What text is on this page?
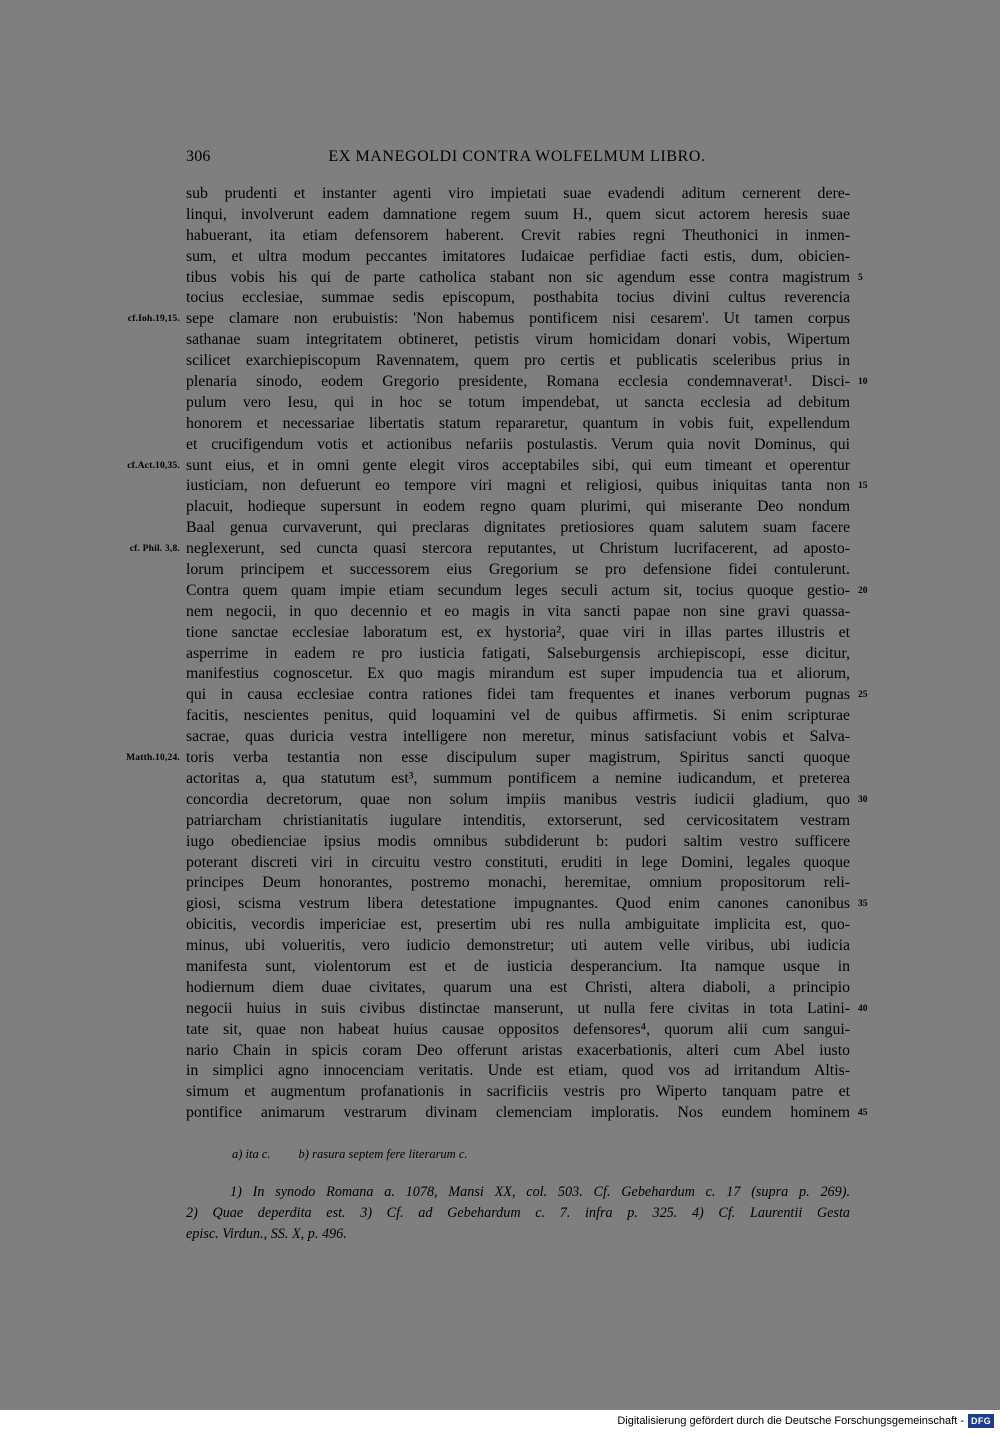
306	EX MANEGOLDI CONTRA WOLFELMUM LIBRO.
sub prudenti et instanter agenti viro impietati suae evadendi aditum cernerent dere-
linqui, involverunt eadem damnatione regem suum H., quem sicut actorem heresis suae
habuerant, ita etiam defensorem haberent. Crevit rabies regni Theuthonici in inmen-
sum, et ultra modum peccantes imitatores Iudaicae perfidiae facti estis, dum, obicien-
tibus vobis his qui de parte catholica stabant non sic agendum esse contra magistrum 5
tocius ecclesiae, summae sedis episcopum, posthabita tocius divini cultus reverencia
sepe clamare non erubuistis: 'Non habemus pontificem nisi cesarem'. Ut tamen corpus
cf.Ioh.19,15.
sathanae suam integritatem obtineret, petistis virum homicidam donari vobis, Wipertum
scilicet exarchiepiscopum Ravennatem, quem pro certis et publicatis sceleribus prius in
plenaria sinodo, eodem Gregorio presidente, Romana ecclesia condemnaverat¹. Disci- 10
pulum vero Iesu, qui in hoc se totum impendebat, ut sancta ecclesia ad debitum
honorem et necessariae libertatis statum repararetur, quantum in vobis fuit, expellendum
et crucifigendum votis et actionibus nefariis postulastis. Verum quia novit Dominus, qui
sunt eius, et in omni gente elegit viros acceptabiles sibi, qui eum timeant et operentur
cf.Act.10,35.
iusticiam, non defuerunt eo tempore viri magni et religiosi, quibus iniquitas tanta non 15
placuit, hodieque supersunt in eodem regno quam plurimi, qui miserante Deo nondum
Baal genua curvaverunt, qui preclaras dignitates pretiosiores quam salutem suam facere
neglexerunt, sed cuncta quasi stercora reputantes, ut Christum lucrifacerent, ad aposto-
cf. Phil. 3,8.
lorum principem et successorem eius Gregorium se pro defensione fidei contulerunt.
Contra quem quam impie etiam secundum leges seculi actum sit, tocius quoque gestio- 20
nem negocii, in quo decennio et eo magis in vita sancti papae non sine gravi quassa-
tione sanctae ecclesiae laboratum est, ex hystoria², quae viri in illas partes illustris et
asperrime in eadem re pro iusticia fatigati, Salseburgensis archiepiscopi, esse dicitur,
manifestius cognoscetur. Ex quo magis mirandum est super impudencia tua et aliorum,
qui in causa ecclesiae contra rationes fidei tam frequentes et inanes verborum pugnas 25
facitis, nescientes penitus, quid loquamini vel de quibus affirmetis. Si enim scripturae
sacrae, quas duricia vestra intelligere non meretur, minus satisfaciunt vobis et Salva-
toris verba testantia non esse discipulum super magistrum, Spiritus sancti quoque
Matth.10,24.
actoritas a, qua statutum est³, summum pontificem a nemine iudicandum, et preterea
concordia decretorum, quae non solum impiis manibus vestris iudicii gladium, quo 30
patriarcham christianitatis iugulare intenditis, extorserunt, sed cervicositatem vestram
iugo obedienciae ipsius modis omnibus subdiderunt b: pudori saltim vestro sufficere
poterant discreti viri in circuitu vestro constituti, eruditi in lege Domini, legales quoque
principes Deum honorantes, postremo monachi, heremitae, omnium propositorum reli-
giosi, scisma vestrum libera detestatione impugnantes. Quod enim canones canonibus 35
obicitis, vecordis impericiae est, presertim ubi res nulla ambiguitate implicita est, quo-
minus, ubi volueritis, vero iudicio demonstretur; uti autem velle viribus, ubi iudicia
manifesta sunt, violentorum est et de iusticia desperancium. Ita namque usque in
hodiernum diem duae civitates, quarum una est Christi, altera diaboli, a principio
negocii huius in suis civibus distinctae manserunt, ut nulla fere civitas in tota Latini- 40
tate sit, quae non habeat huius causae oppositos defensores⁴, quorum alii cum sangui-
nario Chain in spicis coram Deo offerunt aristas exacerbationis, alteri cum Abel iusto
in simplici agno innocenciam veritatis. Unde est etiam, quod vos ad irritandum Altis-
simum et augmentum profanationis in sacrificiis vestris pro Wiperto tanquam patre et
pontifice animarum vestrarum divinam clemenciam imploratis. Nos eundem hominem 45
a) ita c. b) rasura septem fere literarum c.
1) In synodo Romana a. 1078, Mansi XX, col. 503. Cf. Gebehardum c. 17 (supra p. 269).
2) Quae deperdita est. 3) Cf. ad Gebehardum c. 7. infra p. 325. 4) Cf. Laurentii Gesta
episc. Virdun., SS. X, p. 496.
Digitalisierung gefördert durch die Deutsche Forschungsgemeinschaft - DFG
